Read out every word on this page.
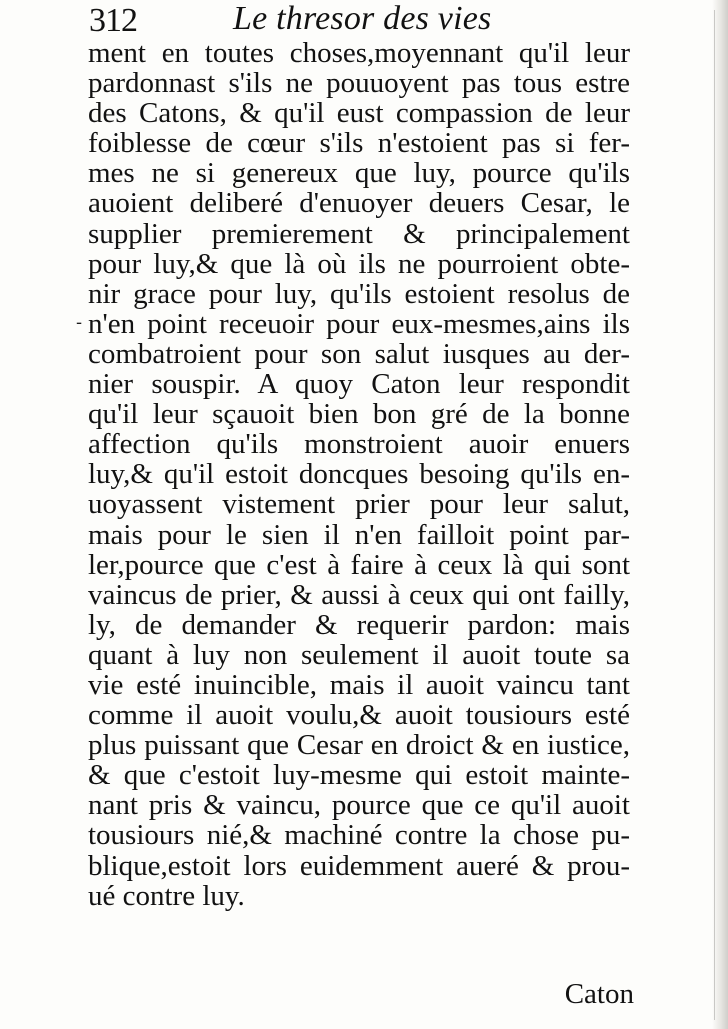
312	Le thresor des vies
-
ment en toutes choses,moyennant qu'il leur
pardonnast s'ils ne pouuoyent pas tous estre
des Catons, & qu'il eust compassion de leur
foiblesse de cœur s'ils n'estoient pas si fer-
mes ne si genereux que luy, pource qu'ils
auoient deliberé d'enuoyer deuers Cesar, le
supplier premierement & principalement
pour luy,& que là où ils ne pourroient obte-
nir grace pour luy, qu'ils estoient resolus de
n'en point receuoir pour eux-mesmes,ains ils
combatroient pour son salut iusques au der-
nier souspir. A quoy Caton leur respondit
qu'il leur sçauoit bien bon gré de la bonne
affection qu'ils monstroient auoir enuers
luy,& qu'il estoit doncques besoing qu'ils en-
uoyassent vistement prier pour leur salut,
mais pour le sien il n'en failloit point par-
ler,pource que c'est à faire à ceux là qui sont
vaincus de prier, & aussi à ceux qui ont failly,
ly, de demander & requerir pardon: mais
quant à luy non seulement il auoit toute sa
vie esté inuincible, mais il auoit vaincu tant
comme il auoit voulu,& auoit tousiours esté
plus puissant que Cesar en droict & en iustice,
& que c'estoit luy-mesme qui estoit mainte-
nant pris & vaincu, pource que ce qu'il auoit
tousiours nié,& machiné contre la chose pu-
blique,estoit lors euidemment aueré & prou-
ué contre luy.
Caton
